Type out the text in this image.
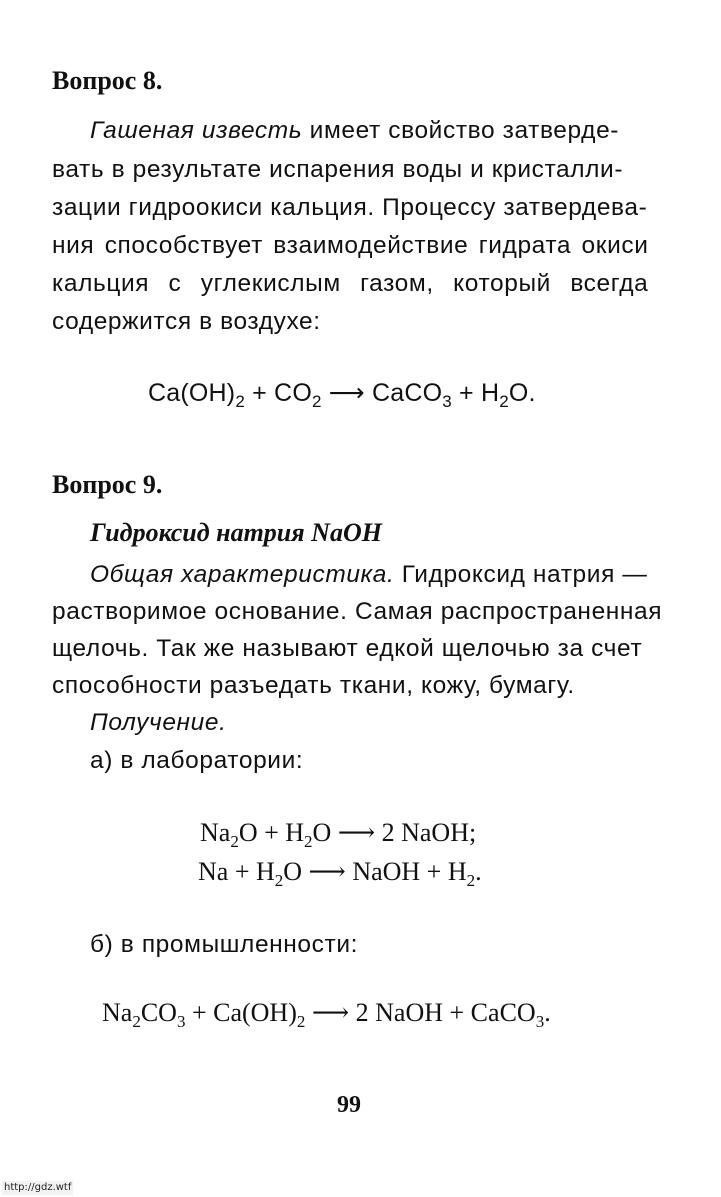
Вопрос 8.
Гашеная известь имеет свойство затверде-
вать в результате испарения воды и кристалли-
зации гидроокиси кальция. Процессу затвердева-
ния способствует взаимодействие гидрата окиси
кальция с углекислым газом, который всегда
содержится в воздухе:
$Ca(OH)_2 + CO_2$ ⟶ CaCO$_3$ + $H_2O$.
Вопрос 9.
Гидроксид натрия NaOH
Общая характеристика. Гидроксид натрия —
растворимое основание. Самая распространенная
щелочь. Так же называют едкой щелочью за счет
способности разъедать ткани, кожу, бумагу.
Получение.
а) в лаборатории:
$Na_2O + H_2O$ ⟶ 2 NaOH;
$Na + H_2O$ ⟶ NaOH + $H_2$.
б) в промышленности:
$Na_2CO_3 + Ca(OH)_2$ ⟶ 2 NaOH + CaCO$_3$.
99
http://gdz.wtf
